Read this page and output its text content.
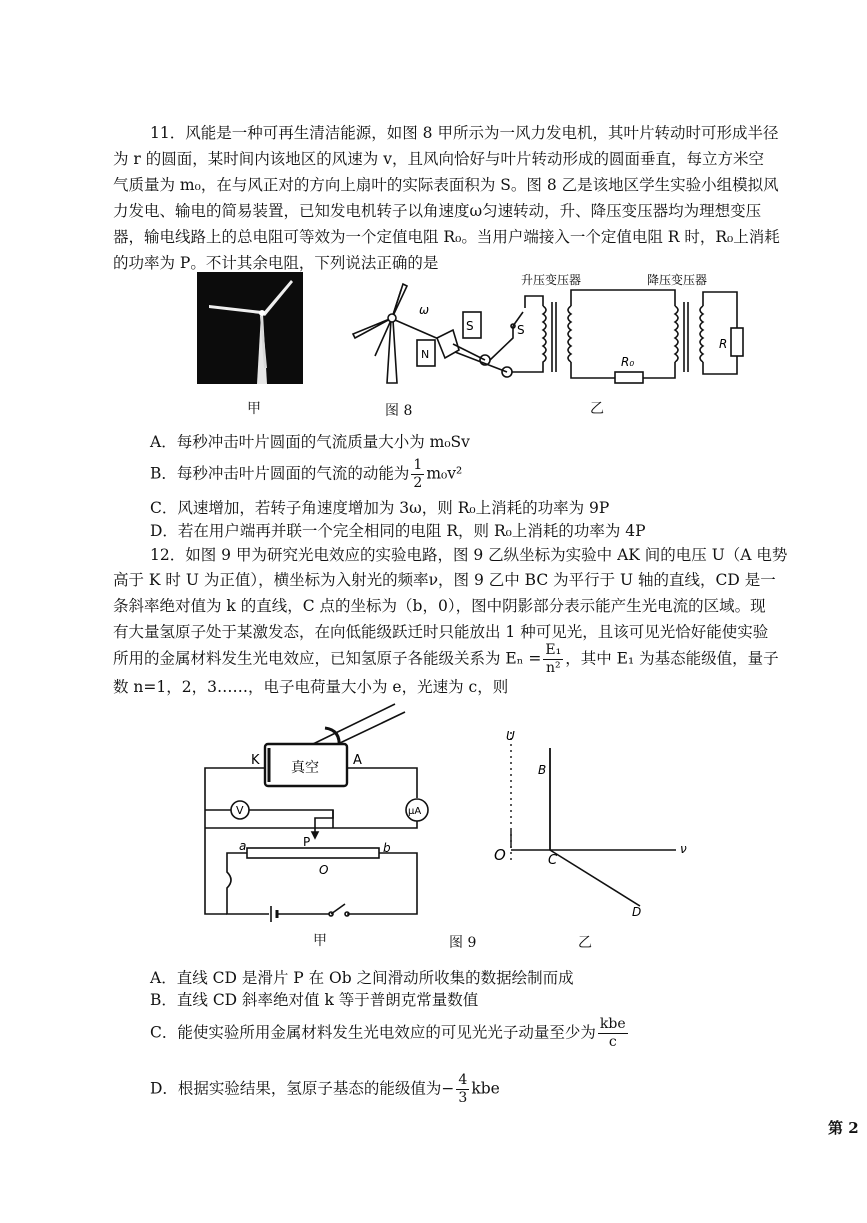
11．风能是一种可再生清洁能源，如图 8 甲所示为一风力发电机，其叶片转动时可形成半径
为 r 的圆面，某时间内该地区的风速为 v，且风向恰好与叶片转动形成的圆面垂直，每立方米空
气质量为 m₀，在与风正对的方向上扇叶的实际表面积为 S。图 8 乙是该地区学生实验小组模拟风
力发电、输电的简易装置，已知发电机转子以角速度ω匀速转动，升、降压变压器均为理想变压
器，输电线路上的总电阻可等效为一个定值电阻 R₀。当用户端接入一个定值电阻 R 时，R₀上消耗
的功率为 P。不计其余电阻，下列说法正确的是
甲	图 8	乙
N
S
ω
S
升压变压器	降压变压器
R₀
R
A．每秒冲击叶片圆面的气流质量大小为 m₀Sv
B．每秒冲击叶片圆面的气流的动能为 $\frac{1}{2} m_0v^2$
C．风速增加，若转子角速度增加为 3ω，则 R₀上消耗的功率为 9P
D．若在用户端再并联一个完全相同的电阻 R，则 R₀上消耗的功率为 4P
12．如图 9 甲为研究光电效应的实验电路，图 9 乙纵坐标为实验中 AK 间的电压 U（A 电势
高于 K 时 U 为正值），横坐标为入射光的频率ν，图 9 乙中 BC 为平行于 U 轴的直线，CD 是一
条斜率绝对值为 k 的直线，C 点的坐标为（b，0），图中阴影部分表示能产生光电流的区域。现
有大量氢原子处于某激发态，在向低能级跃迁时只能放出 1 种可见光，且该可见光恰好能使实验
所用的金属材料发生光电效应，已知氢原子各能级关系为 $E_n = \frac{\text{E₁}}{\text{n²}}$ ，其中 E₁ 为基态能级值，量子
数 n=1，2，3……，电子电荷量大小为 e，光速为 c，则
真空
K	A
μA
V
P
a	b
O
甲	图 9	乙
U
ν
B
C
O
D
A．直线 CD 是滑片 P 在 Ob 之间滑动所收集的数据绘制而成
B．直线 CD 斜率绝对值 k 等于普朗克常量数值
C．能使实验所用金属材料发生光电效应的可见光光子动量至少为 $\frac{\text{kbe}}{c}$
D．根据实验结果，氢原子基态的能级值为− $\frac{4}{3}$ kbe
第 2
